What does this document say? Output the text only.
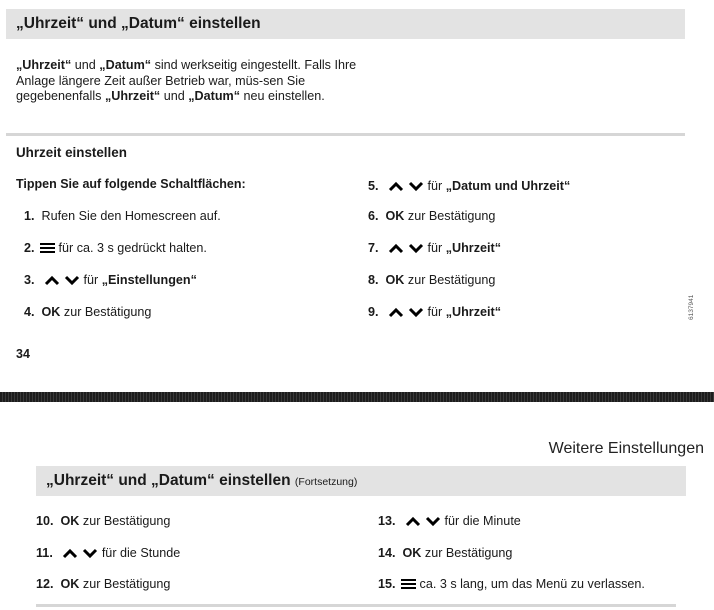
„Uhrzeit“ und „Datum“ einstellen
„Uhrzeit“ und „Datum“ sind werkseitig eingestellt. Falls Ihre Anlage längere Zeit außer Betrieb war, müs-sen Sie gegebenenfalls „Uhrzeit“ und „Datum“ neu einstellen.
Uhrzeit einstellen
Tippen Sie auf folgende Schaltflächen:
1. Rufen Sie den Homescreen auf.
2. für ca. 3 s gedrückt halten.
3.	für „Einstellungen“
4. OK zur Bestätigung
5.	für „Datum und Uhrzeit“
6. OK zur Bestätigung
7.	für „Uhrzeit“
8. OK zur Bestätigung
9.	für „Uhrzeit“	6137941
34
Weitere Einstellungen
„Uhrzeit“ und „Datum“ einstellen (Fortsetzung)
10. OK zur Bestätigung
11.	für die Stunde
12. OK zur Bestätigung
13.	für die Minute
14. OK zur Bestätigung
15. ca. 3 s lang, um das Menü zu verlassen.
